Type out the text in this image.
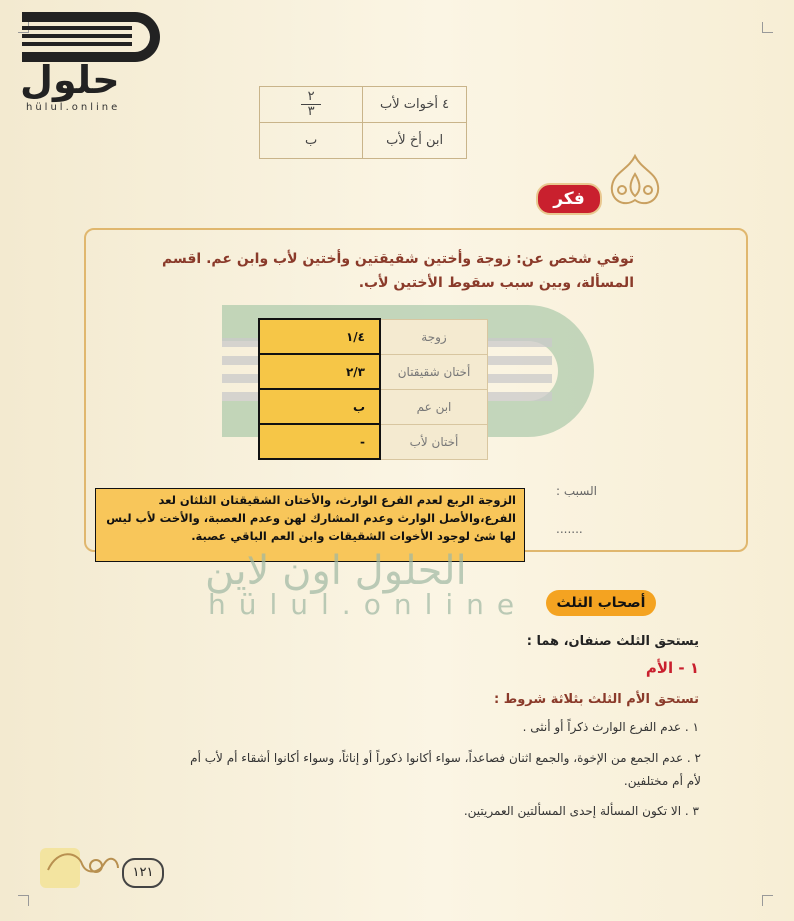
حلول
hülul.online
٢
٣	٤ أخوات لأب
ب	ابن أخ لأب
فكر
توفي شخص عن: زوجة وأختين شقيقتين وأختين لأب وابن عم. اقسم المسألة، وبين سبب سقوط الأختين لأب.
١/٤	زوجة
٢/٣	أختان شقيقتان
ب	ابن عم
-	أختان لأب
السبب :
.......
الزوجة الربع لعدم الفرع الوارث، والأختان الشقيقتان الثلثان لعد الفرع،والأصل الوارث وعدم المشارك لهن وعدم العصبة، والأخت لأب ليس لها شئ لوجود الأخوات الشقيقات وابن العم الباقي عصبة.
الحلول اون لاين
hülul.online	أصحاب الثلث
يستحق الثلث صنفان، هما :
١ - الأم
تستحق الأم الثلث بثلاثة شروط :
١ . عدم الفرع الوارث ذكراً أو أنثى .
٢ . عدم الجمع من الإخوة، والجمع اثنان فصاعداً، سواء أكانوا ذكوراً أو إناثاً، وسواء أكانوا أشقاء أم لأب أم
لأم أم مختلفين.
٣ . الا تكون المسألة إحدى المسألتين العمريتين.
١٢١
